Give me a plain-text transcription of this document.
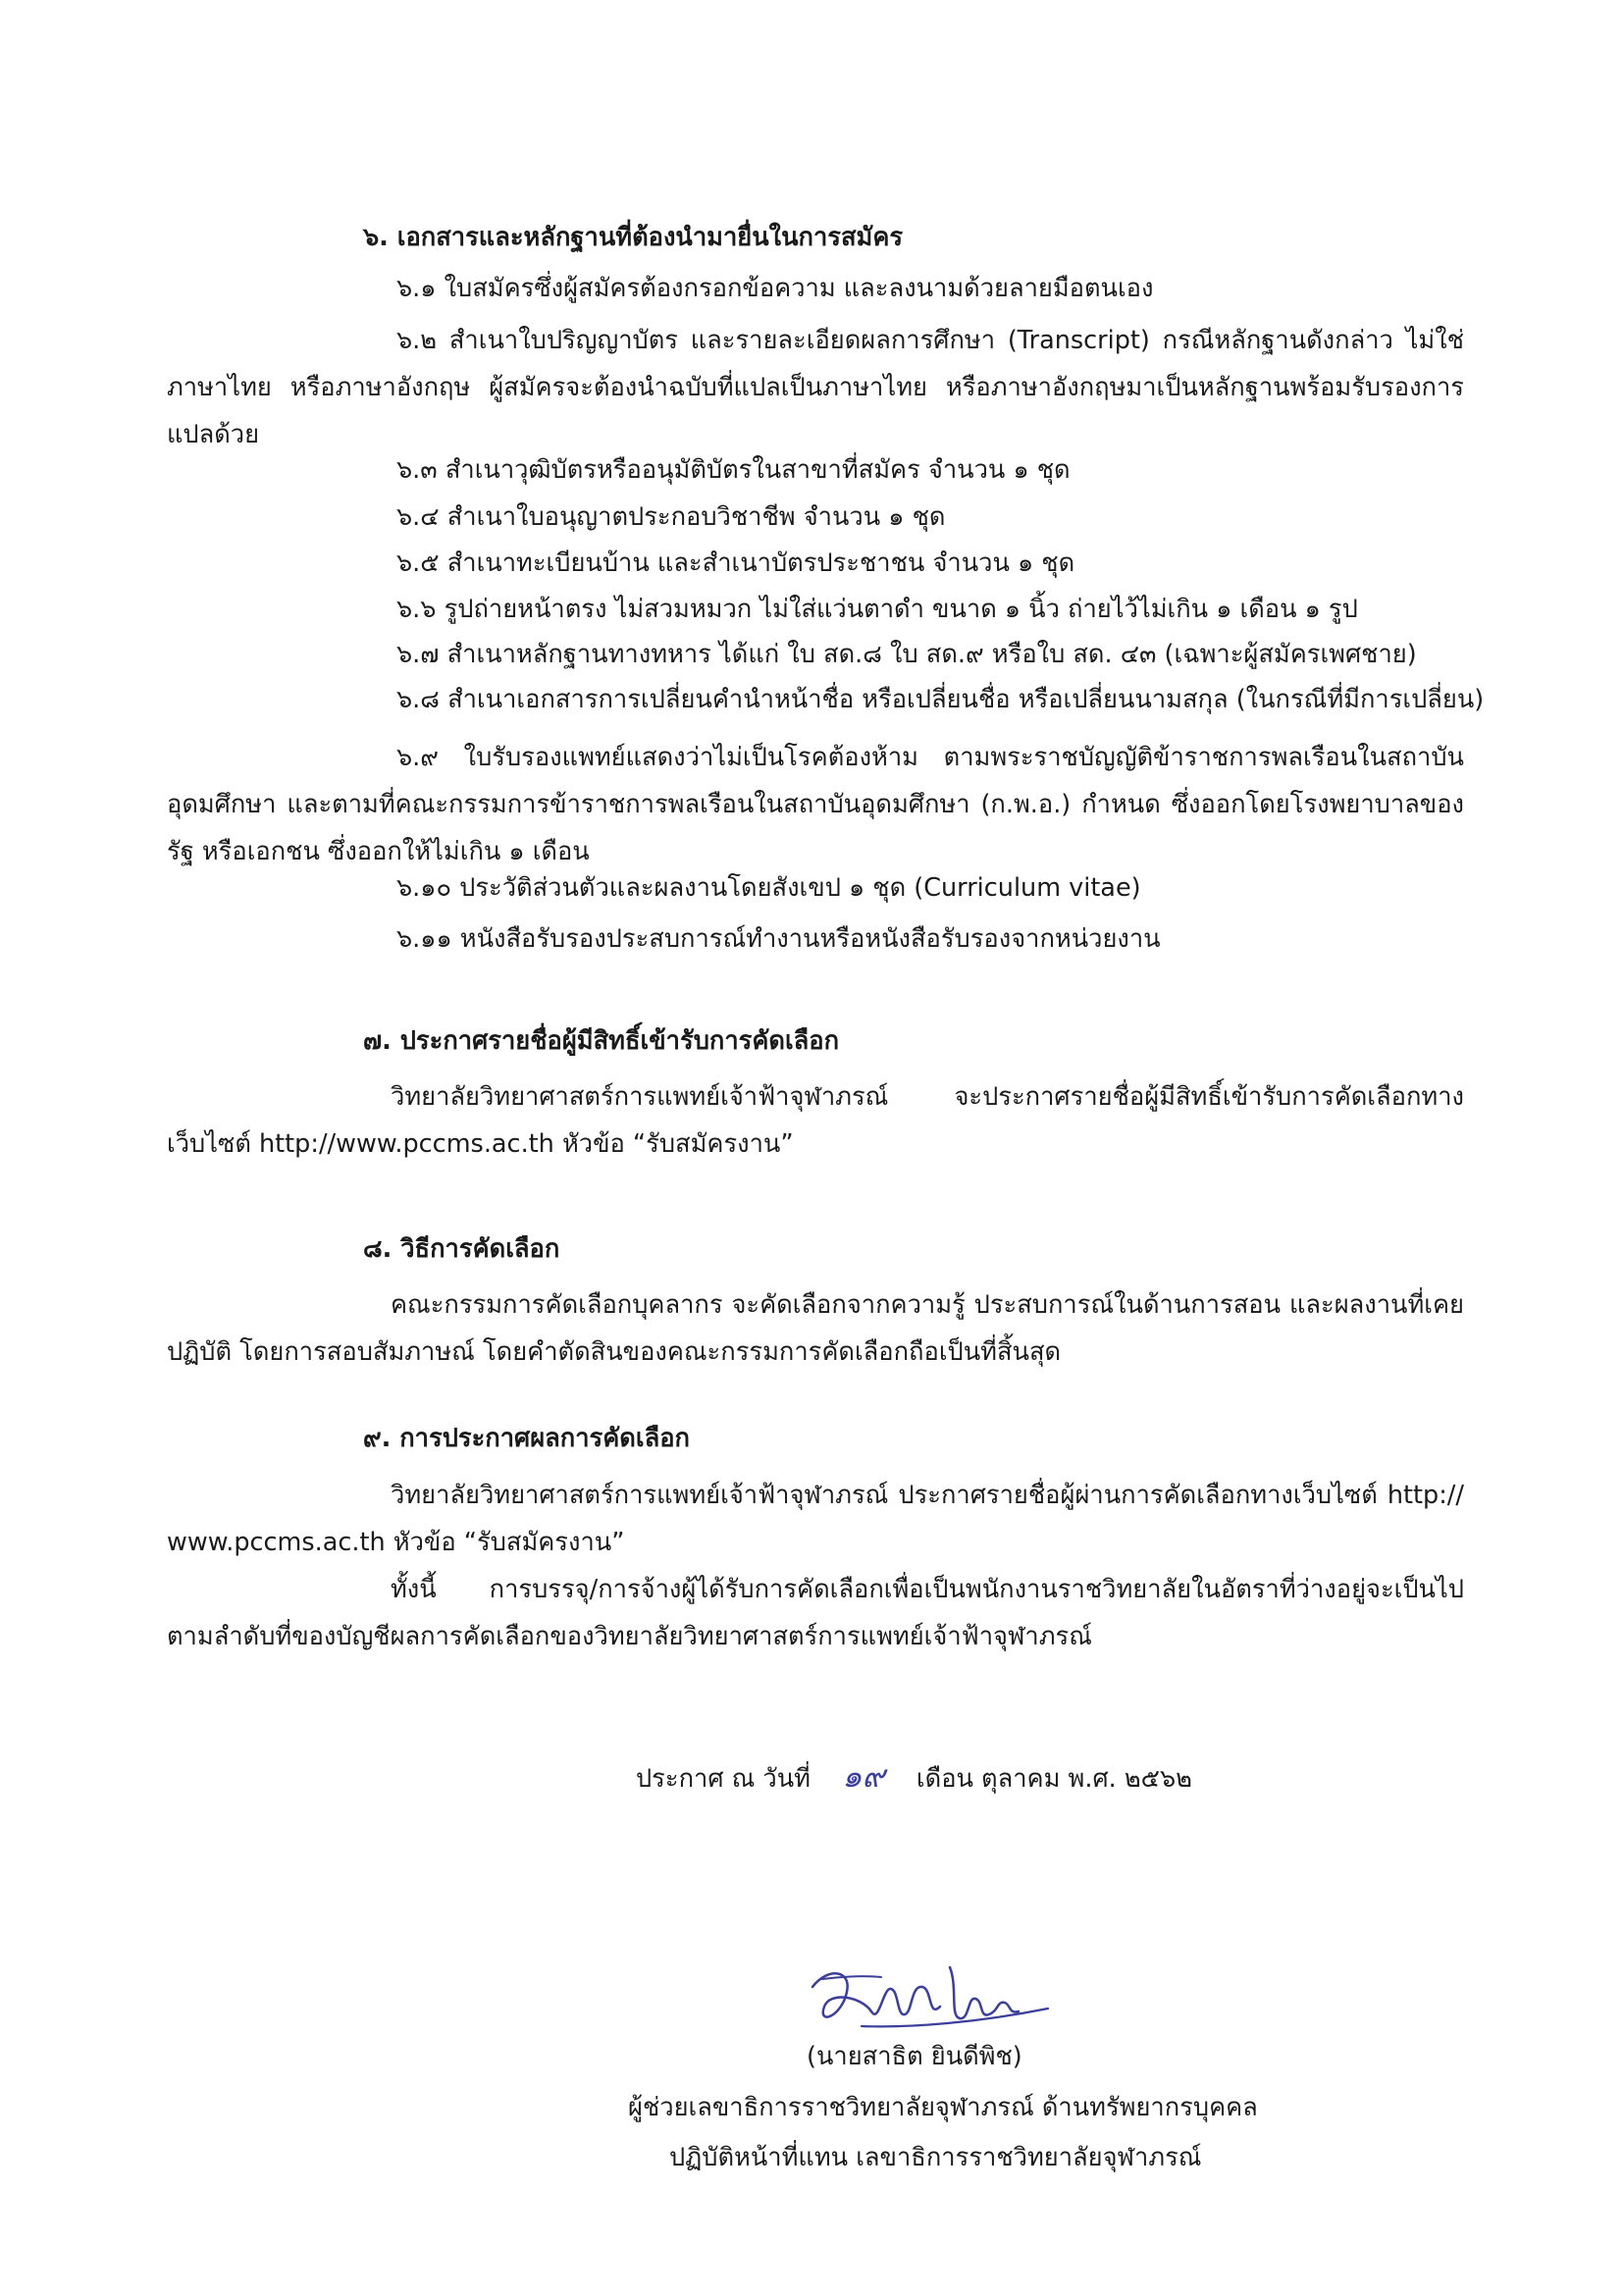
๖. เอกสารและหลักฐานที่ต้องนำมายื่นในการสมัคร
๖.๑ ใบสมัครซึ่งผู้สมัครต้องกรอกข้อความ และลงนามด้วยลายมือตนเอง
๖.๒ สำเนาใบปริญญาบัตร และรายละเอียดผลการศึกษา (Transcript) กรณีหลักฐานดังกล่าว ไม่ใช่ภาษาไทย หรือภาษาอังกฤษ ผู้สมัครจะต้องนำฉบับที่แปลเป็นภาษาไทย หรือภาษาอังกฤษมาเป็นหลักฐานพร้อมรับรองการแปลด้วย
๖.๓ สำเนาวุฒิบัตรหรืออนุมัติบัตรในสาขาที่สมัคร จำนวน ๑ ชุด
๖.๔ สำเนาใบอนุญาตประกอบวิชาชีพ จำนวน ๑ ชุด
๖.๕ สำเนาทะเบียนบ้าน และสำเนาบัตรประชาชน จำนวน ๑ ชุด
๖.๖ รูปถ่ายหน้าตรง ไม่สวมหมวก ไม่ใส่แว่นตาดำ ขนาด ๑ นิ้ว ถ่ายไว้ไม่เกิน ๑ เดือน ๑ รูป
๖.๗ สำเนาหลักฐานทางทหาร ได้แก่ ใบ สด.๘ ใบ สด.๙ หรือใบ สด. ๔๓ (เฉพาะผู้สมัครเพศชาย)
๖.๘ สำเนาเอกสารการเปลี่ยนคำนำหน้าชื่อ หรือเปลี่ยนชื่อ หรือเปลี่ยนนามสกุล (ในกรณีที่มีการเปลี่ยน)
๖.๙ ใบรับรองแพทย์แสดงว่าไม่เป็นโรคต้องห้าม ตามพระราชบัญญัติข้าราชการพลเรือนในสถาบันอุดมศึกษา และตามที่คณะกรรมการข้าราชการพลเรือนในสถาบันอุดมศึกษา (ก.พ.อ.) กำหนด ซึ่งออกโดยโรงพยาบาลของรัฐ หรือเอกชน ซึ่งออกให้ไม่เกิน ๑ เดือน
๖.๑๐ ประวัติส่วนตัวและผลงานโดยสังเขป ๑ ชุด (Curriculum vitae)
๖.๑๑ หนังสือรับรองประสบการณ์ทำงานหรือหนังสือรับรองจากหน่วยงาน
๗. ประกาศรายชื่อผู้มีสิทธิ์เข้ารับการคัดเลือก
วิทยาลัยวิทยาศาสตร์การแพทย์เจ้าฟ้าจุฬาภรณ์ จะประกาศรายชื่อผู้มีสิทธิ์เข้ารับการคัดเลือกทางเว็บไซต์ http://www.pccms.ac.th หัวข้อ “รับสมัครงาน”
๘. วิธีการคัดเลือก
คณะกรรมการคัดเลือกบุคลากร จะคัดเลือกจากความรู้ ประสบการณ์ในด้านการสอน และผลงานที่เคยปฏิบัติ โดยการสอบสัมภาษณ์ โดยคำตัดสินของคณะกรรมการคัดเลือกถือเป็นที่สิ้นสุด
๙. การประกาศผลการคัดเลือก
วิทยาลัยวิทยาศาสตร์การแพทย์เจ้าฟ้าจุฬาภรณ์ ประกาศรายชื่อผู้ผ่านการคัดเลือกทางเว็บไซต์ http:// www.pccms.ac.th หัวข้อ “รับสมัครงาน”
ทั้งนี้ การบรรจุ/การจ้างผู้ได้รับการคัดเลือกเพื่อเป็นพนักงานราชวิทยาลัยในอัตราที่ว่างอยู่จะเป็นไปตามลำดับที่ของบัญชีผลการคัดเลือกของวิทยาลัยวิทยาศาสตร์การแพทย์เจ้าฟ้าจุฬาภรณ์
ประกาศ ณ วันที่ ๑๙ เดือน ตุลาคม พ.ศ. ๒๕๖๒
(นายสาธิต ยินดีพิช)
ผู้ช่วยเลขาธิการราชวิทยาลัยจุฬาภรณ์ ด้านทรัพยากรบุคคล
ปฏิบัติหน้าที่แทน เลขาธิการราชวิทยาลัยจุฬาภรณ์
